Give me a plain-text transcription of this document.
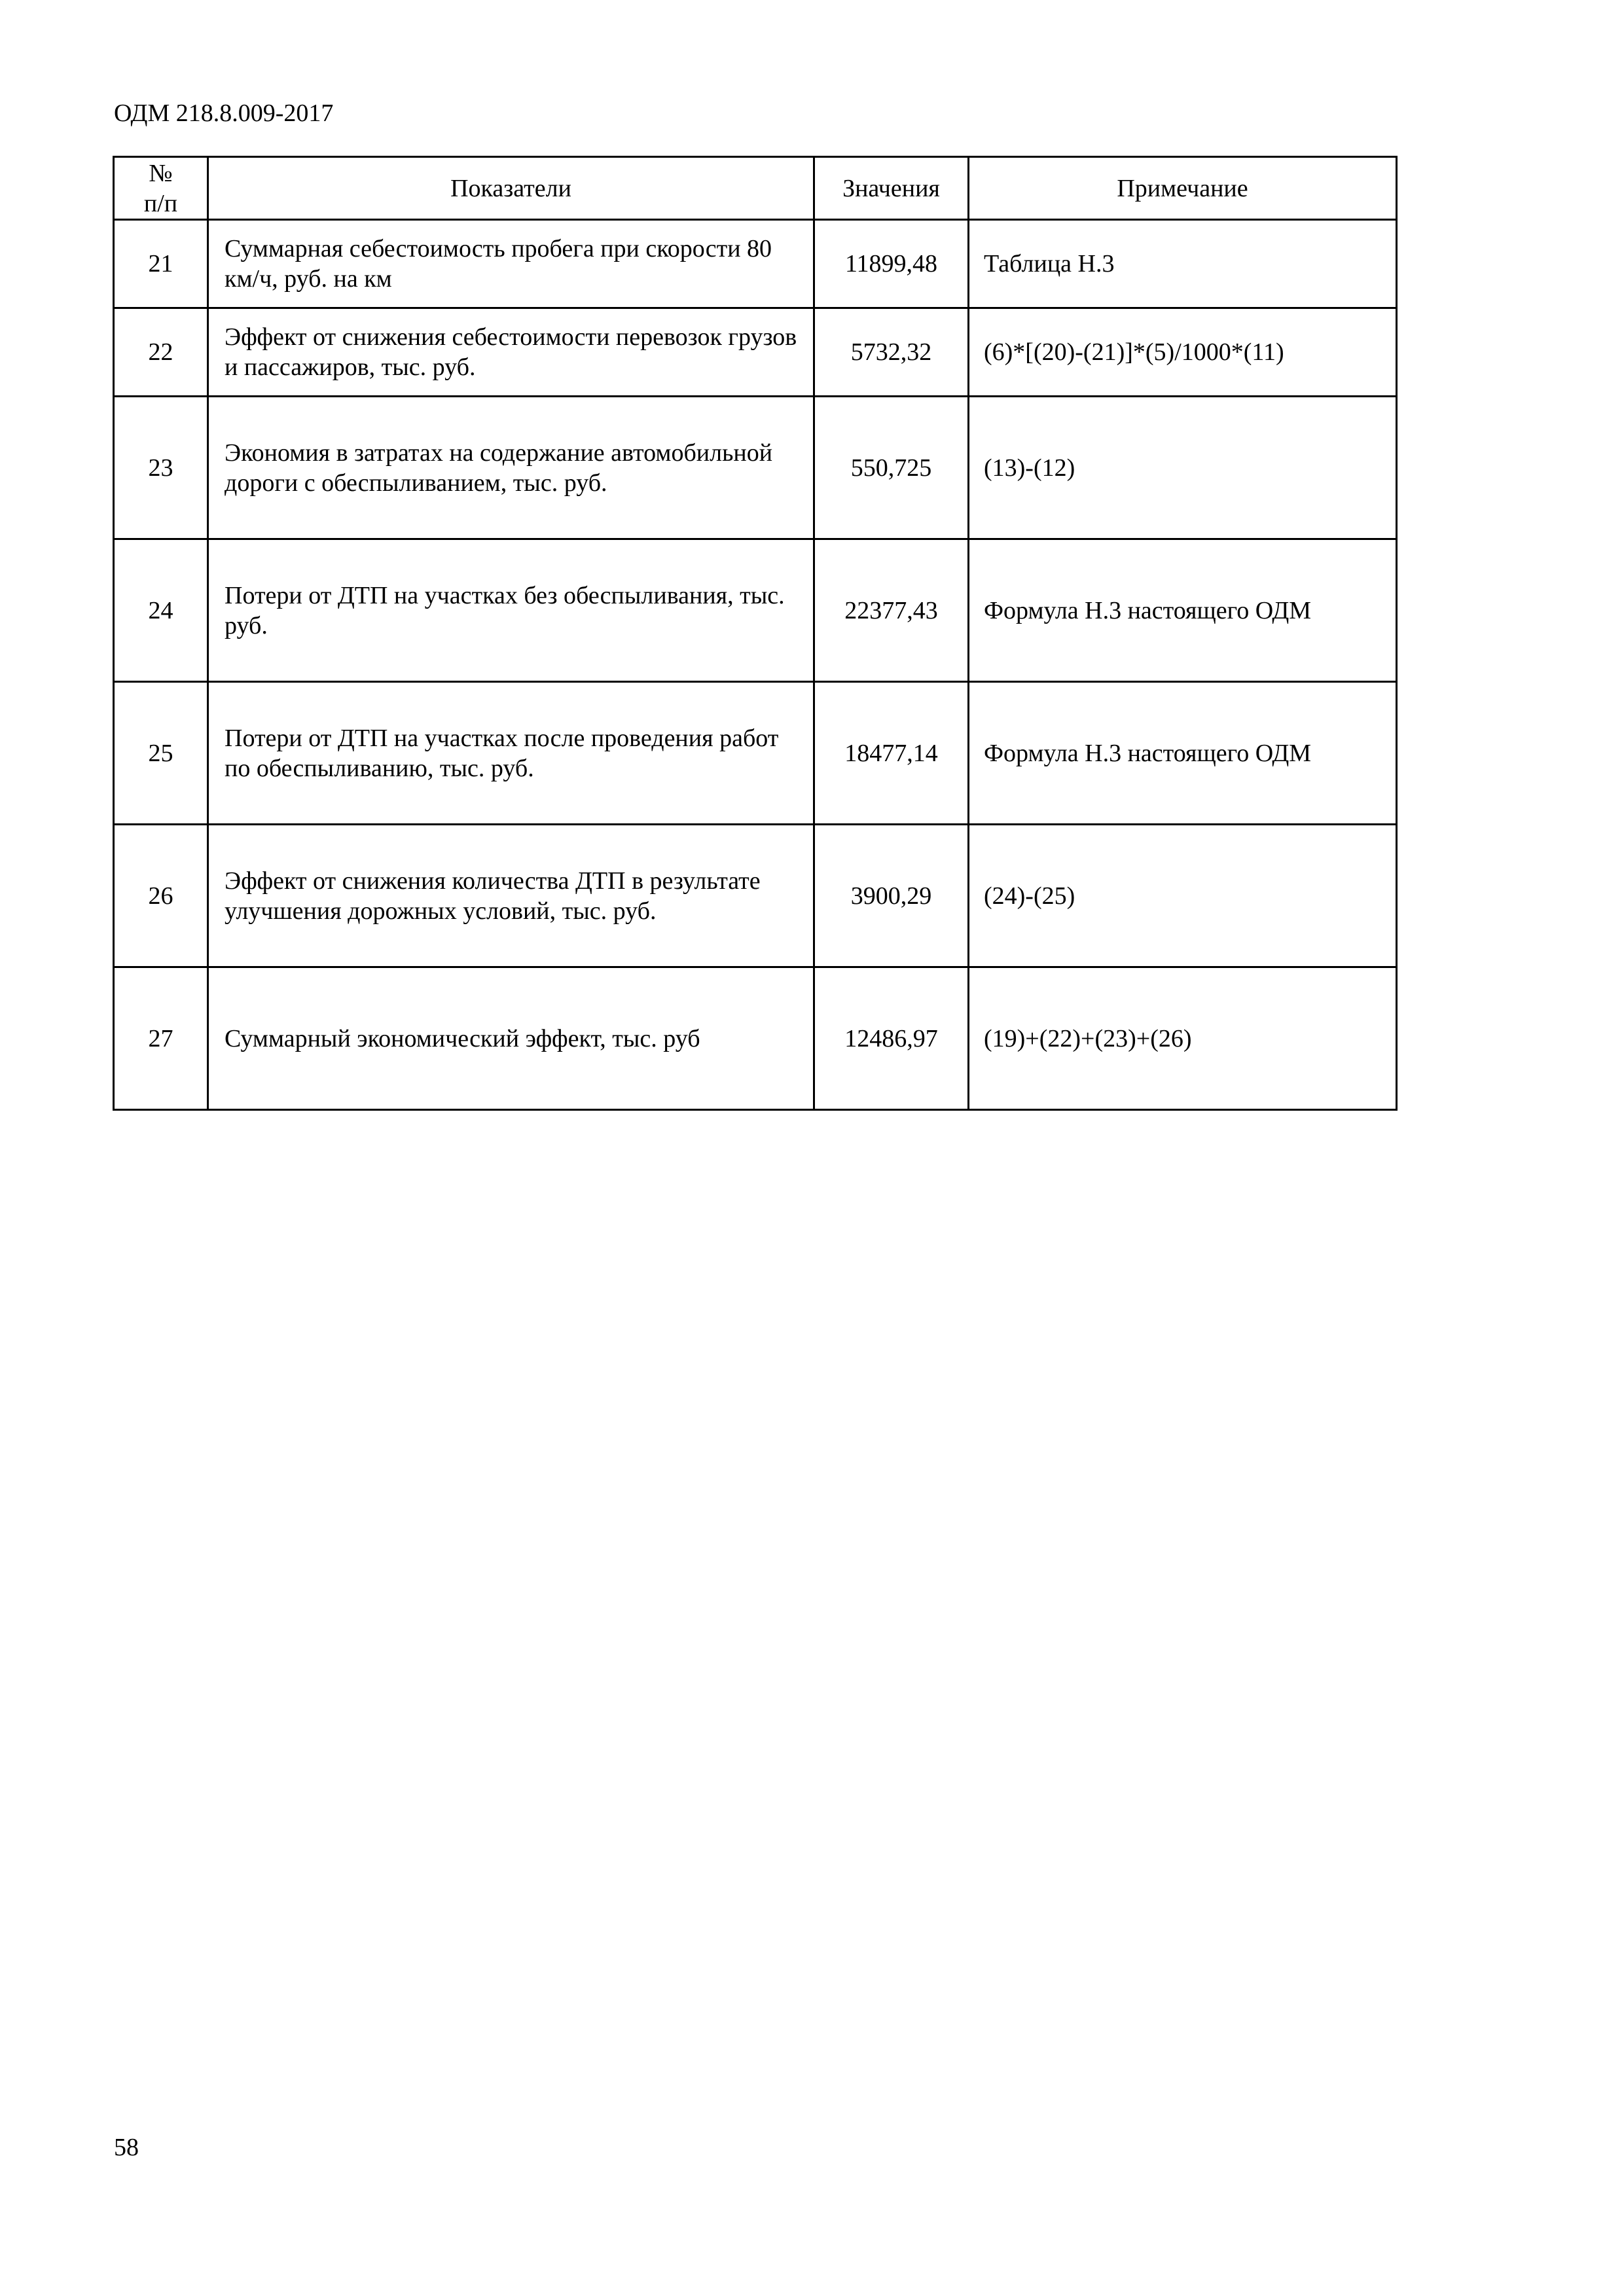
ОДМ 218.8.009-2017
№
п/п	Показатели	Значения	Примечание
21	Суммарная себестоимость пробега при скорости 80 км/ч, руб. на км	11899,48	Таблица Н.3
22	Эффект от снижения себестоимости перевозок грузов и пассажиров, тыс. руб.	5732,32	(6)*[(20)-(21)]*(5)/1000*(11)
23	Экономия в затратах на содержание автомобильной дороги с обеспыливанием, тыс. руб.	550,725	(13)-(12)
24	Потери от ДТП на участках без обеспыливания, тыс. руб.	22377,43	Формула Н.3 настоящего ОДМ
25	Потери от ДТП на участках после проведения работ по обеспыливанию, тыс. руб.	18477,14	Формула Н.3 настоящего ОДМ
26	Эффект от снижения количества ДТП в результате улучшения дорожных условий, тыс. руб.	3900,29	(24)-(25)
27	Суммарный экономический эффект, тыс. руб	12486,97	(19)+(22)+(23)+(26)
58
